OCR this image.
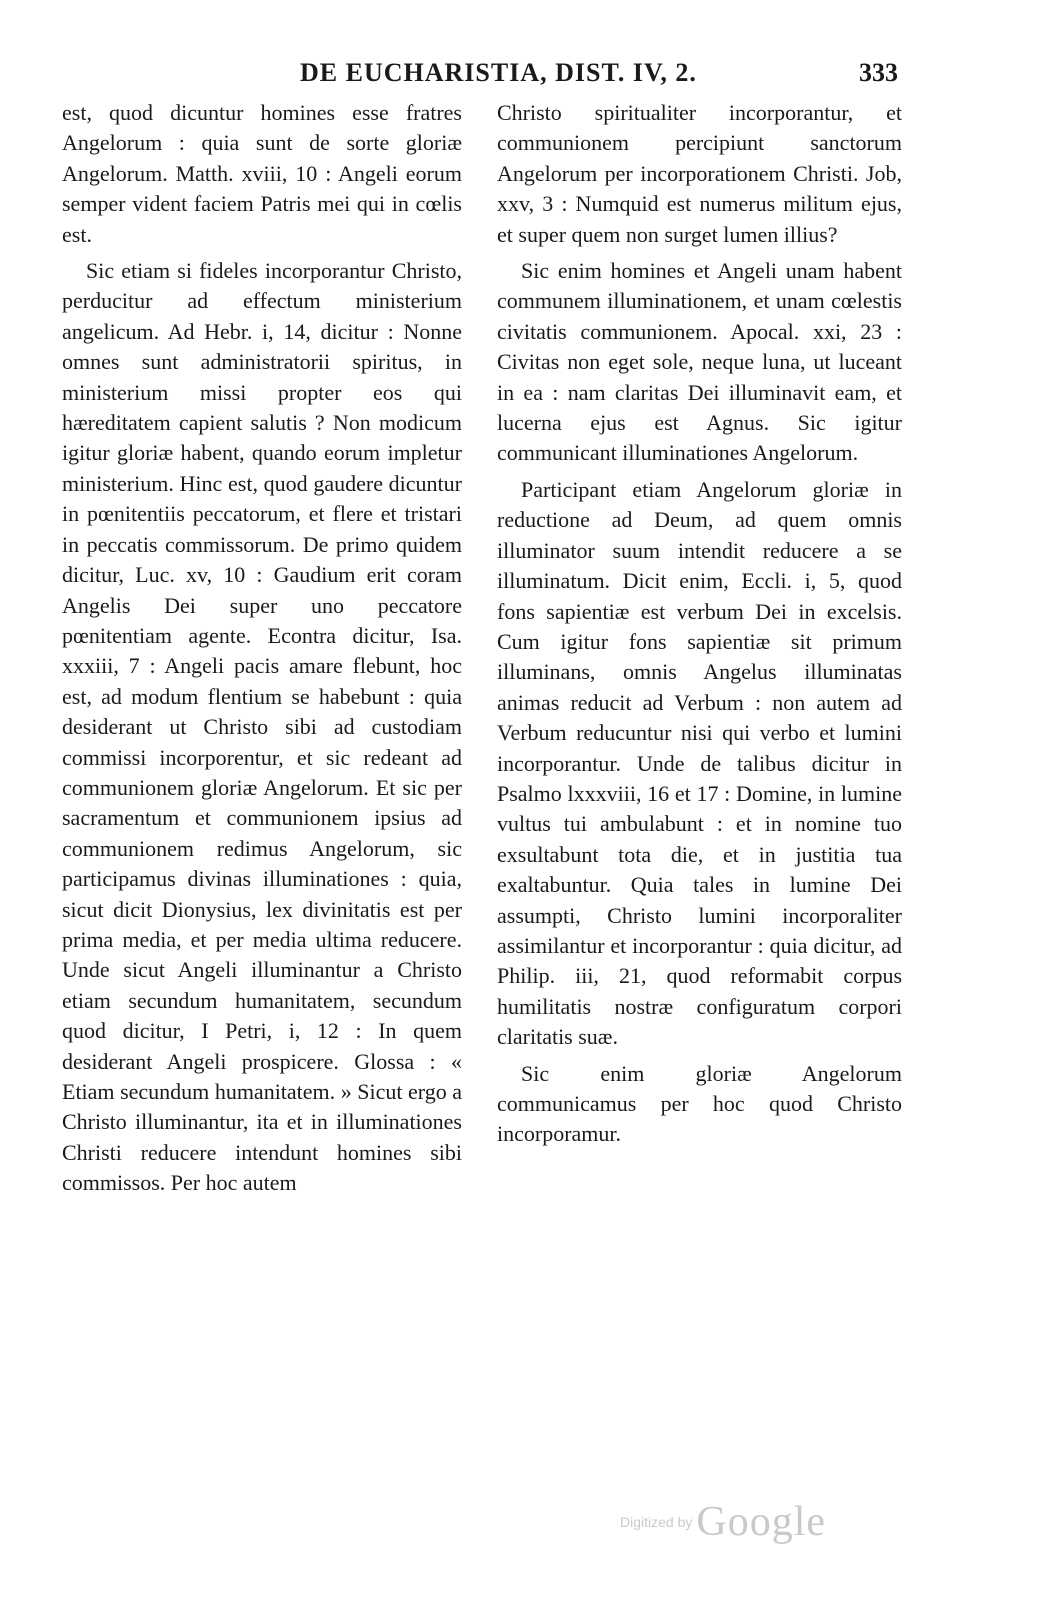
DE EUCHARISTIA, DIST. IV, 2.	333

est, quod dicuntur homines esse fratres Angelorum : quia sunt de sorte gloriæ Angelorum. Matth. xviii, 10 : Angeli eorum semper vident faciem Patris mei qui in cœlis est.

Sic etiam si fideles incorporantur Christo, perducitur ad effectum ministerium angelicum. Ad Hebr. i, 14, dicitur : Nonne omnes sunt administratorii spiritus, in ministerium missi propter eos qui hæreditatem capient salutis ? Non modicum igitur gloriæ habent, quando eorum impletur ministerium. Hinc est, quod gaudere dicuntur in pœnitentiis peccatorum, et flere et tristari in peccatis commissorum. De primo quidem dicitur, Luc. xv, 10 : Gaudium erit coram Angelis Dei super uno peccatore pœnitentiam agente. Econtra dicitur, Isa. xxxiii, 7 : Angeli pacis amare flebunt, hoc est, ad modum flentium se habebunt : quia desiderant ut Christo sibi ad custodiam commissi incorporentur, et sic redeant ad communionem gloriæ Angelorum. Et sic per sacramentum et communionem ipsius ad communionem redimus Angelorum, sic participamus divinas illuminationes : quia, sicut dicit Dionysius, lex divinitatis est per prima media, et per media ultima reducere. Unde sicut Angeli illuminantur a Christo etiam secundum humanitatem, secundum quod dicitur, I Petri, i, 12 : In quem desiderant Angeli prospicere. Glossa : « Etiam secundum humanitatem. » Sicut ergo a Christo illuminantur, ita et in illuminationes Christi reducere intendunt homines sibi commissos. Per hoc autem

Christo spiritualiter incorporantur, et communionem percipiunt sanctorum Angelorum per incorporationem Christi. Job, xxv, 3 : Numquid est numerus militum ejus, et super quem non surget lumen illius?

Sic enim homines et Angeli unam habent communem illuminationem, et unam cœlestis civitatis communionem. Apocal. xxi, 23 : Civitas non eget sole, neque luna, ut luceant in ea : nam claritas Dei illuminavit eam, et lucerna ejus est Agnus. Sic igitur communicant illuminationes Angelorum.

Participant etiam Angelorum gloriæ in reductione ad Deum, ad quem omnis illuminator suum intendit reducere a se illuminatum. Dicit enim, Eccli. i, 5, quod fons sapientiæ est verbum Dei in excelsis. Cum igitur fons sapientiæ sit primum illuminans, omnis Angelus illuminatas animas reducit ad Verbum : non autem ad Verbum reducuntur nisi qui verbo et lumini incorporantur. Unde de talibus dicitur in Psalmo lxxxviii, 16 et 17 : Domine, in lumine vultus tui ambulabunt : et in nomine tuo exsultabunt tota die, et in justitia tua exaltabuntur. Quia tales in lumine Dei assumpti, Christo lumini incorporaliter assimilantur et incorporantur : quia dicitur, ad Philip. iii, 21, quod reformabit corpus humilitatis nostræ configuratum corpori claritatis suæ.

Sic enim gloriæ Angelorum communicamus per hoc quod Christo incorporamur.

Digitized by Google
